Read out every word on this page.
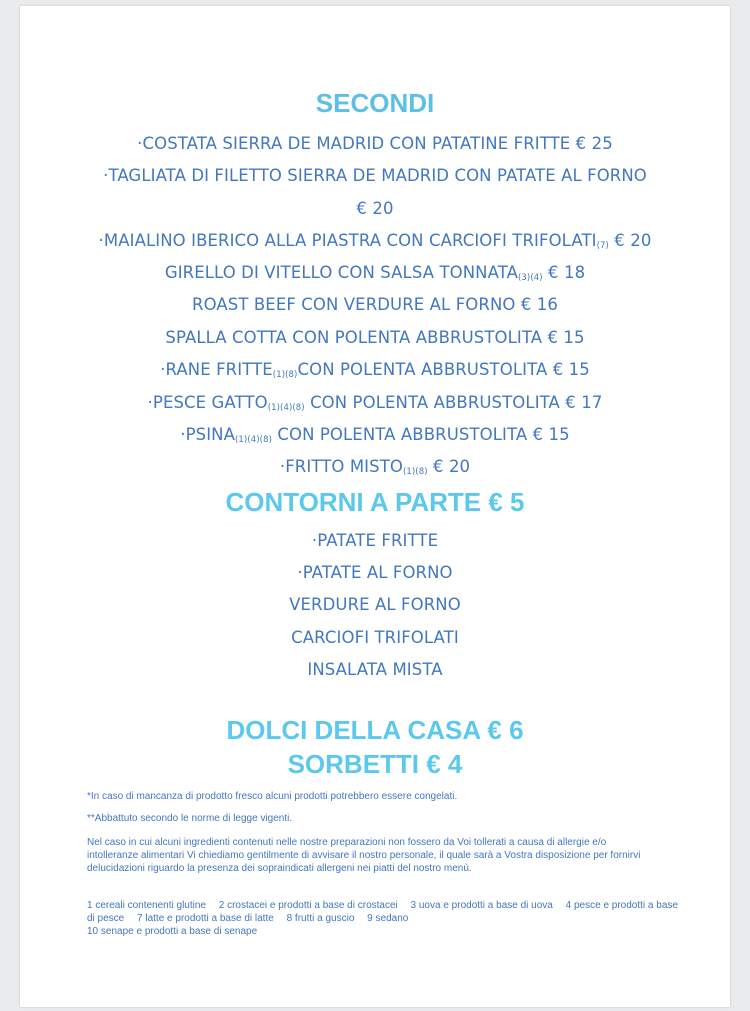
SECONDI
·COSTATA SIERRA DE MADRID CON PATATINE FRITTE € 25
·TAGLIATA DI FILETTO SIERRA DE MADRID CON PATATE AL FORNO
€ 20
·MAIALINO IBERICO ALLA PIASTRA CON CARCIOFI TRIFOLATI(7) € 20
GIRELLO DI VITELLO CON SALSA TONNATA(3)(4) € 18
ROAST BEEF CON VERDURE AL FORNO € 16
SPALLA COTTA CON POLENTA ABBRUSTOLITA € 15
·RANE FRITTE(1)(8)CON POLENTA ABBRUSTOLITA € 15
·PESCE GATTO(1)(4)(8) CON POLENTA ABBRUSTOLITA € 17
·PSINA(1)(4)(8) CON POLENTA ABBRUSTOLITA € 15
·FRITTO MISTO(1)(8) € 20
CONTORNI A PARTE € 5
·PATATE FRITTE
·PATATE AL FORNO
VERDURE AL FORNO
CARCIOFI TRIFOLATI
INSALATA MISTA
DOLCI DELLA CASA € 6
SORBETTI € 4
*In caso di mancanza di prodotto fresco alcuni prodotti potrebbero essere congelati.
**Abbattuto secondo le norme di legge vigenti.
Nel caso in cui alcuni ingredienti contenuti nelle nostre preparazioni non fossero da Voi tollerati a causa di allergie e/o intolleranze alimentari Vi chiediamo gentilmente di avvisare il nostro personale, il quale sarà a Vostra disposizione per fornirvi delucidazioni riguardo la presenza dei sopraindicati allergeni nei piatti del nostro menù.
1 cereali contenenti glutine 2 crostacei e prodotti a base di crostacei 3 uova e prodotti a base di uova 4 pesce e prodotti a base di pesce 7 latte e prodotti a base di latte 8 frutti a guscio 9 sedano
10 senape e prodotti a base di senape
